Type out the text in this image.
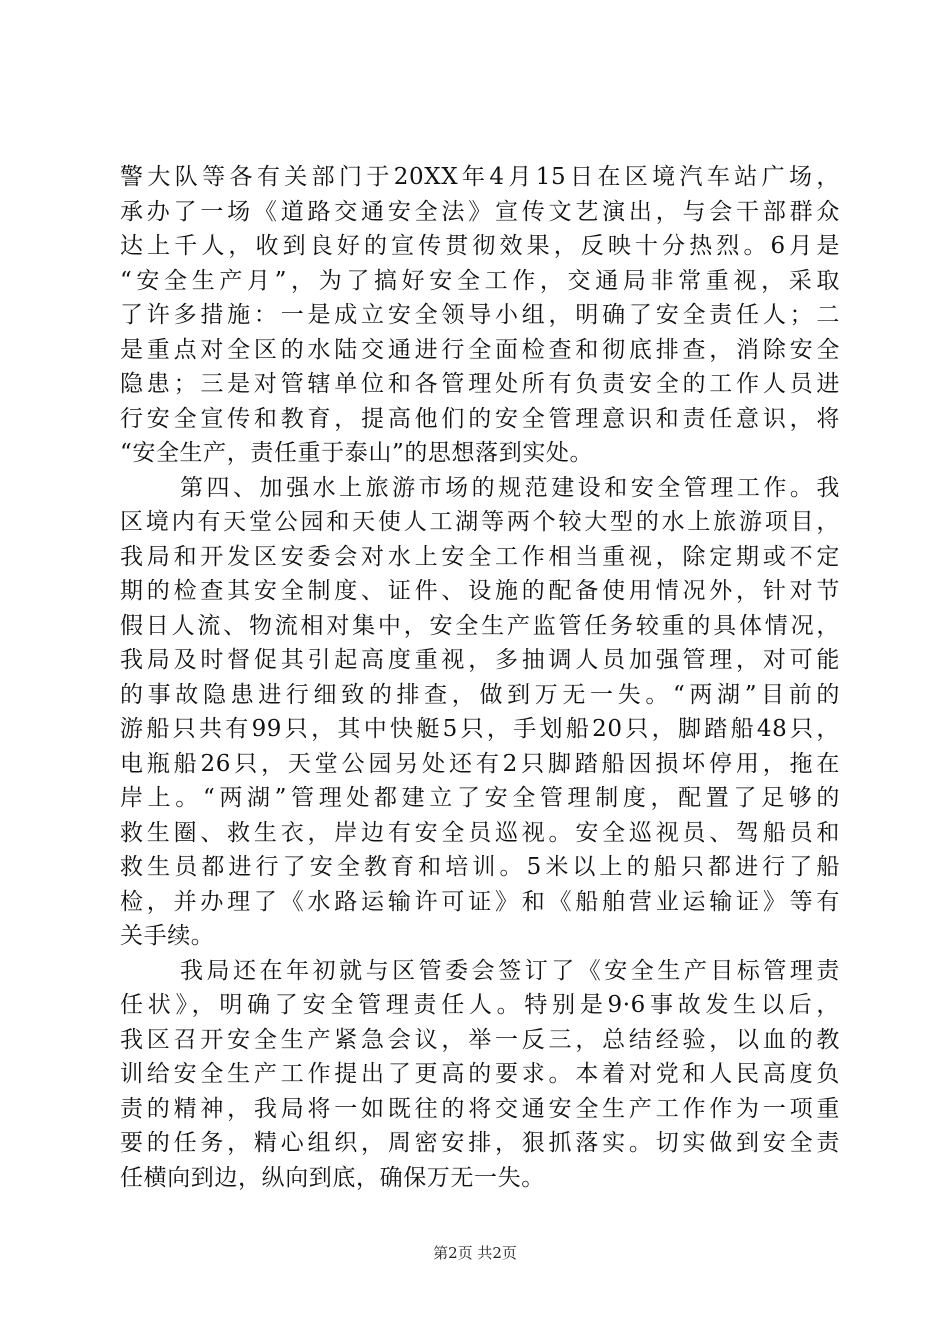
警大队等各有关部门于20XX年4月15日在区境汽车站广场，
承办了一场《道路交通安全法》宣传文艺演出，与会干部群众
达上千人，收到良好的宣传贯彻效果，反映十分热烈。6月是
“安全生产月”，为了搞好安全工作，交通局非常重视，采取
了许多措施：一是成立安全领导小组，明确了安全责任人；二
是重点对全区的水陆交通进行全面检查和彻底排查，消除安全
隐患；三是对管辖单位和各管理处所有负责安全的工作人员进
行安全宣传和教育，提高他们的安全管理意识和责任意识，将
“安全生产，责任重于泰山”的思想落到实处。
第四、加强水上旅游市场的规范建设和安全管理工作。我
区境内有天堂公园和天使人工湖等两个较大型的水上旅游项目，
我局和开发区安委会对水上安全工作相当重视，除定期或不定
期的检查其安全制度、证件、设施的配备使用情况外，针对节
假日人流、物流相对集中，安全生产监管任务较重的具体情况，
我局及时督促其引起高度重视，多抽调人员加强管理，对可能
的事故隐患进行细致的排查，做到万无一失。“两湖”目前的
游船只共有99只，其中快艇5只，手划船20只，脚踏船48只，
电瓶船26只，天堂公园另处还有2只脚踏船因损坏停用，拖在
岸上。“两湖”管理处都建立了安全管理制度，配置了足够的
救生圈、救生衣，岸边有安全员巡视。安全巡视员、驾船员和
救生员都进行了安全教育和培训。5米以上的船只都进行了船
检，并办理了《水路运输许可证》和《船舶营业运输证》等有
关手续。
我局还在年初就与区管委会签订了《安全生产目标管理责
任状》，明确了安全管理责任人。特别是9·6事故发生以后，
我区召开安全生产紧急会议，举一反三，总结经验，以血的教
训给安全生产工作提出了更高的要求。本着对党和人民高度负
责的精神，我局将一如既往的将交通安全生产工作作为一项重
要的任务，精心组织，周密安排，狠抓落实。切实做到安全责
任横向到边，纵向到底，确保万无一失。
第2页 共2页
